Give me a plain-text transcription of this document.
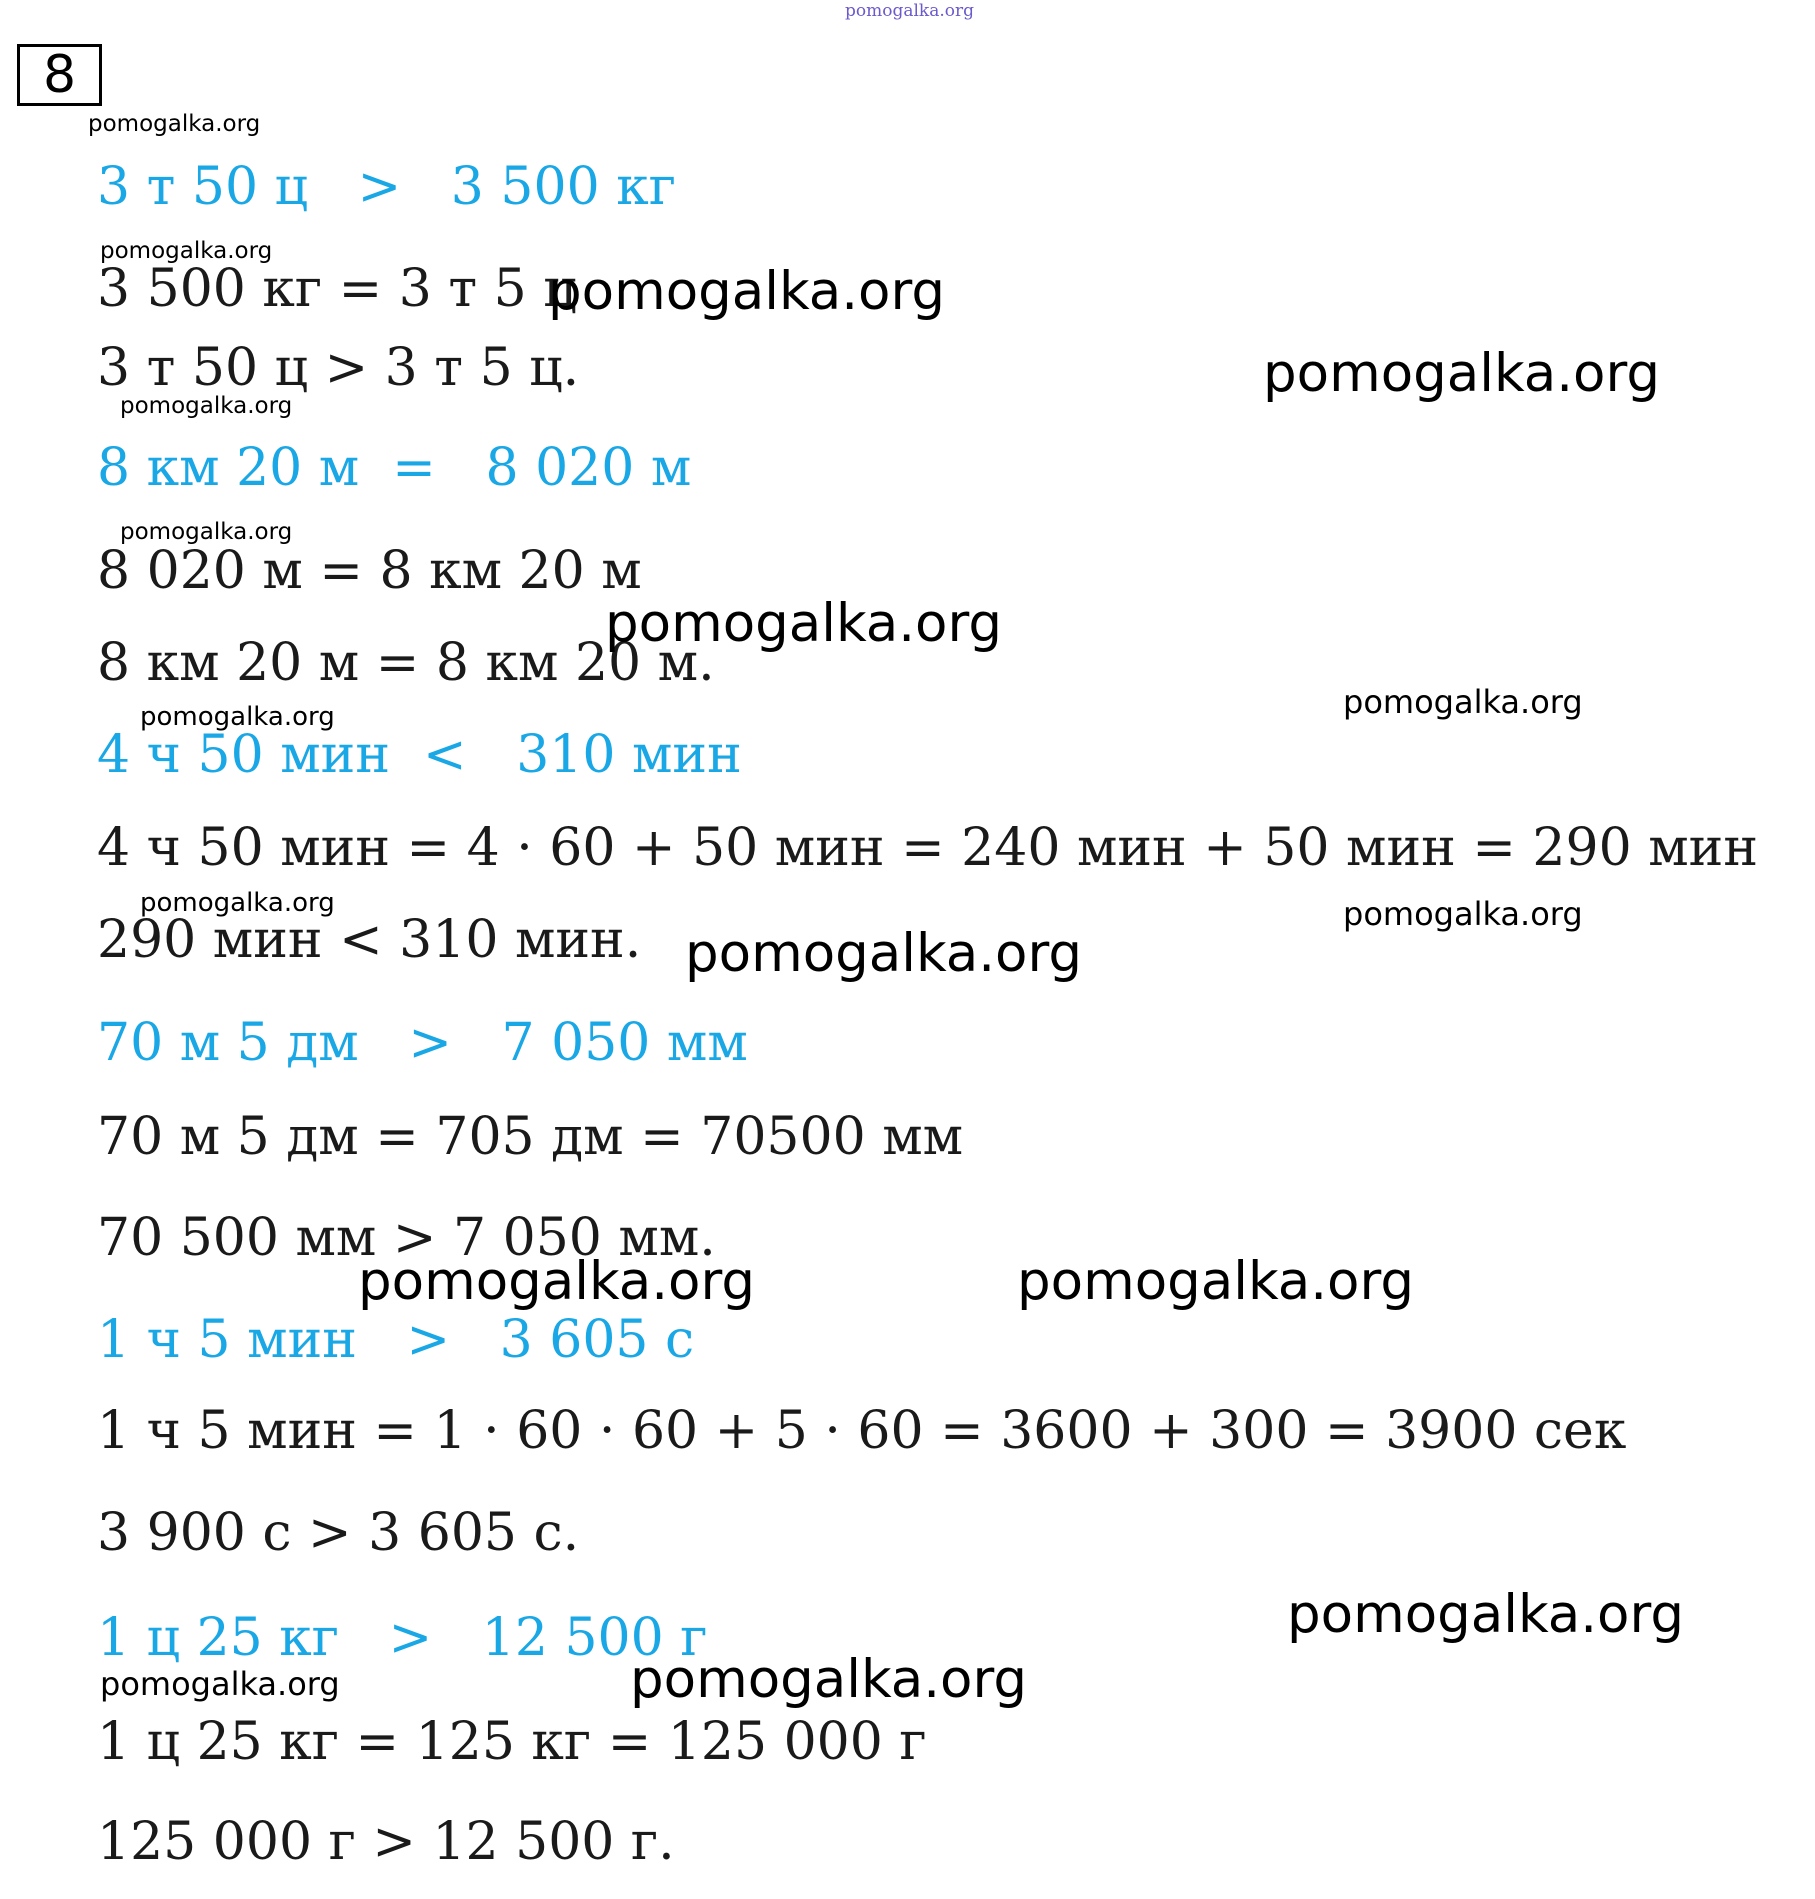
pomogalka.org
8
3 т 50 ц   >   3 500 кг
3 500 кг = 3 т 5 ц
3 т 50 ц > 3 т 5 ц.
8 км 20 м  =   8 020 м
8 020 м = 8 км 20 м
8 км 20 м = 8 км 20 м.
4 ч 50 мин  <   310 мин
4 ч 50 мин = 4 · 60 + 50 мин = 240 мин + 50 мин = 290 мин
290 мин < 310 мин.
70 м 5 дм   >   7 050 мм
70 м 5 дм = 705 дм = 70500 мм
70 500 мм > 7 050 мм.
1 ч 5 мин   >   3 605 с
1 ч 5 мин = 1 · 60 · 60 + 5 · 60 = 3600 + 300 = 3900 сек
3 900 с > 3 605 с.
1 ц 25 кг   >   12 500 г
1 ц 25 кг = 125 кг = 125 000 г
125 000 г > 12 500 г.
pomogalka.org
pomogalka.org
pomogalka.org
pomogalka.org
pomogalka.org
pomogalka.org
pomogalka.org
pomogalka.org
pomogalka.org
pomogalka.org	pomogalka.org
pomogalka.org
pomogalka.org	pomogalka.org
pomogalka.org
pomogalka.org	pomogalka.org
